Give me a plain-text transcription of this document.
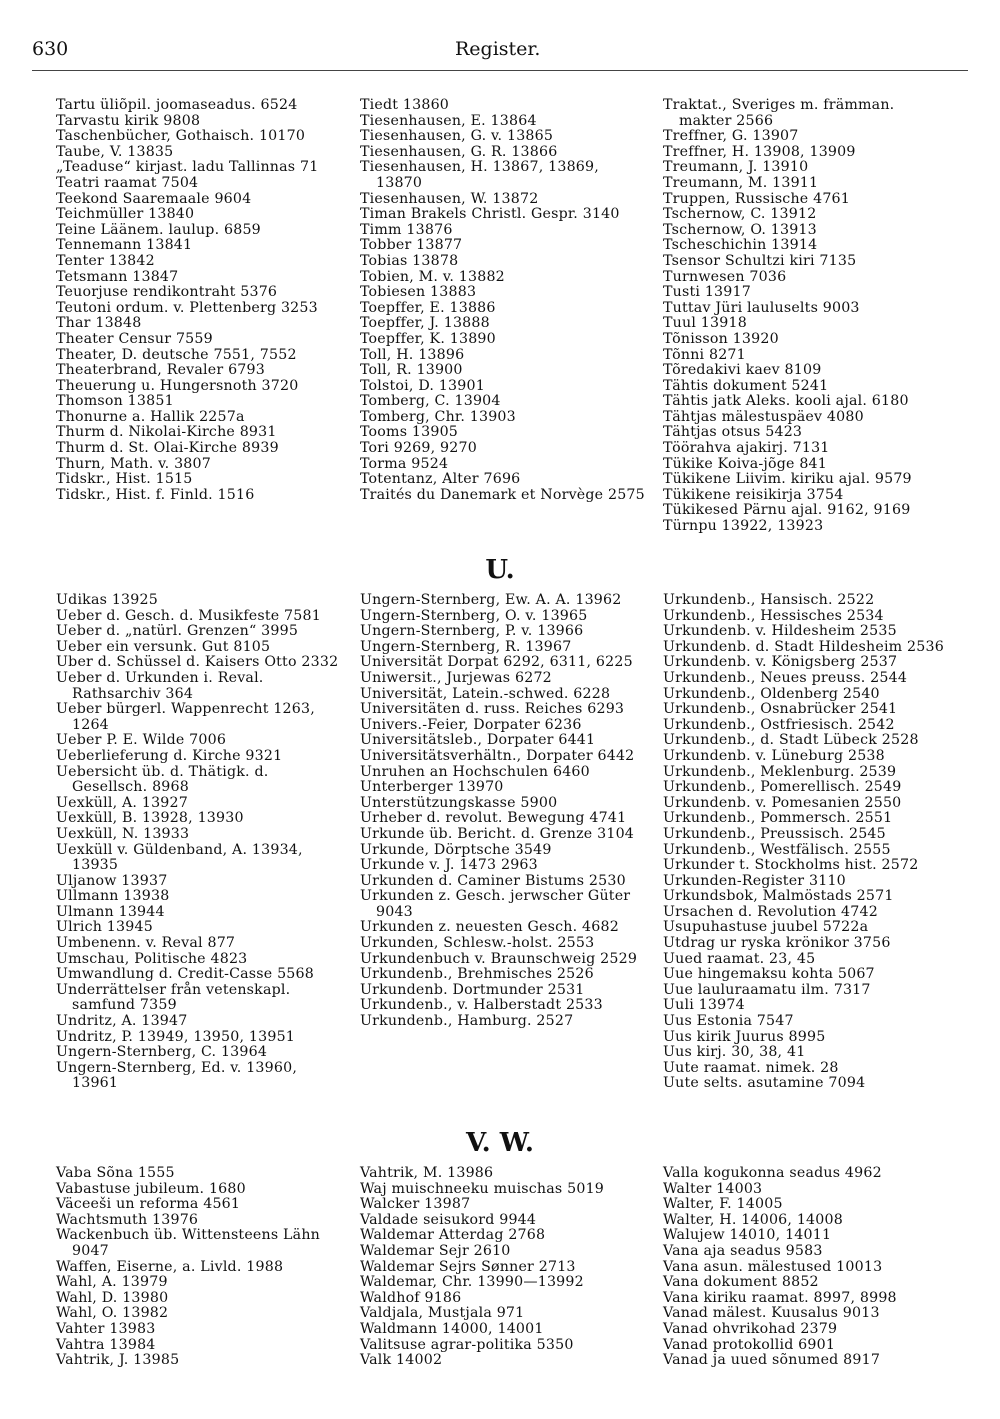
630	Register.

Tartu üliõpil. joomaseadus. 6524

Tarvastu kirik 9808

Taschenbücher, Gothaisch. 10170

Taube, V. 13835

„Teaduse“ kirjast. ladu Tallinnas 71

Teatri raamat 7504

Teekond Saaremaale 9604

Teichmüller 13840

Teine Läänem. laulup. 6859

Tennemann 13841

Tenter 13842

Tetsmann 13847

Teuorjuse rendikontraht 5376

Teutoni ordum. v. Plettenberg 3253

Thar 13848

Theater Censur 7559

Theater, D. deutsche 7551, 7552

Theaterbrand, Revaler 6793

Theuerung u. Hungersnoth 3720

Thomson 13851

Thonurne a. Hallik 2257a

Thurm d. Nikolai-Kirche 8931

Thurm d. St. Olai-Kirche 8939

Thurn, Math. v. 3807

Tidskr., Hist. 1515

Tidskr., Hist. f. Finld. 1516

Tiedt 13860

Tiesenhausen, E. 13864

Tiesenhausen, G. v. 13865

Tiesenhausen, G. R. 13866

Tiesenhausen, H. 13867, 13869, 13870

Tiesenhausen, W. 13872

Timan Brakels Christl. Gespr. 3140

Timm 13876

Tobber 13877

Tobias 13878

Tobien, M. v. 13882

Tobiesen 13883

Toepffer, E. 13886

Toepffer, J. 13888

Toepffer, K. 13890

Toll, H. 13896

Toll, R. 13900

Tolstoi, D. 13901

Tomberg, C. 13904

Tomberg, Chr. 13903

Tooms 13905

Tori 9269, 9270

Torma 9524

Totentanz, Alter 7696

Traités du Danemark et Norvège 2575

Traktat., Sveriges m. främman. makter 2566

Treffner, G. 13907

Treffner, H. 13908, 13909

Treumann, J. 13910

Treumann, M. 13911

Truppen, Russische 4761

Tschernow, C. 13912

Tschernow, O. 13913

Tscheschichin 13914

Tsensor Schultzi kiri 7135

Turnwesen 7036

Tusti 13917

Tuttav Jüri lauluselts 9003

Tuul 13918

Tõnisson 13920

Tõnni 8271

Tõredakivi kaev 8109

Tähtis dokument 5241

Tähtis jatk Aleks. kooli ajal. 6180

Tähtjas mälestuspäev 4080

Tähtjas otsus 5423

Töörahva ajakirj. 7131

Tükike Koiva-jõge 841

Tükikene Liivim. kiriku ajal. 9579

Tükikene reisikirja 3754

Tükikesed Pärnu ajal. 9162, 9169

Türnpu 13922, 13923

U.

Udikas 13925

Ueber d. Gesch. d. Musikfeste 7581

Ueber d. „natürl. Grenzen“ 3995

Ueber ein versunk. Gut 8105

Uber d. Schüssel d. Kaisers Otto 2332

Ueber d. Urkunden i. Reval. Rathsarchiv 364

Ueber bürgerl. Wappenrecht 1263, 1264

Ueber P. E. Wilde 7006

Ueberlieferung d. Kirche 9321

Uebersicht üb. d. Thätigk. d. Gesellsch. 8968

Uexküll, A. 13927

Uexküll, B. 13928, 13930

Uexküll, N. 13933

Uexküll v. Güldenband, A. 13934, 13935

Uljanow 13937

Ullmann 13938

Ulmann 13944

Ulrich 13945

Umbenenn. v. Reval 877

Umschau, Politische 4823

Umwandlung d. Credit-Casse 5568

Underrättelser från vetenskapl. samfund 7359

Undritz, A. 13947

Undritz, P. 13949, 13950, 13951

Ungern-Sternberg, C. 13964

Ungern-Sternberg, Ed. v. 13960, 13961

Ungern-Sternberg, Ew. A. A. 13962

Ungern-Sternberg, O. v. 13965

Ungern-Sternberg, P. v. 13966

Ungern-Sternberg, R. 13967

Universität Dorpat 6292, 6311, 6225

Uniwersit., Jurjewas 6272

Universität, Latein.-schwed. 6228

Universitäten d. russ. Reiches 6293

Univers.-Feier, Dorpater 6236

Universitätsleb., Dorpater 6441

Universitätsverhältn., Dorpater 6442

Unruhen an Hochschulen 6460

Unterberger 13970

Unterstützungskasse 5900

Urheber d. revolut. Bewegung 4741

Urkunde üb. Bericht. d. Grenze 3104

Urkunde, Dörptsche 3549

Urkunde v. J. 1473 2963

Urkunden d. Caminer Bistums 2530

Urkunden z. Gesch. jerwscher Güter 9043

Urkunden z. neuesten Gesch. 4682

Urkunden, Schlesw.-holst. 2553

Urkundenbuch v. Braunschweig 2529

Urkundenb., Brehmisches 2526

Urkundenb. Dortmunder 2531

Urkundenb., v. Halberstadt 2533

Urkundenb., Hamburg. 2527

Urkundenb., Hansisch. 2522

Urkundenb., Hessisches 2534

Urkundenb. v. Hildesheim 2535

Urkundenb. d. Stadt Hildesheim 2536

Urkundenb. v. Königsberg 2537

Urkundenb., Neues preuss. 2544

Urkundenb., Oldenberg 2540

Urkundenb., Osnabrücker 2541

Urkundenb., Ostfriesisch. 2542

Urkundenb., d. Stadt Lübeck 2528

Urkundenb. v. Lüneburg 2538

Urkundenb., Meklenburg. 2539

Urkundenb., Pomerellisch. 2549

Urkundenb. v. Pomesanien 2550

Urkundenb., Pommersch. 2551

Urkundenb., Preussisch. 2545

Urkundenb., Westfälisch. 2555

Urkunder t. Stockholms hist. 2572

Urkunden-Register 3110

Urkundsbok, Malmöstads 2571

Ursachen d. Revolution 4742

Usupuhastuse juubel 5722a

Utdrag ur ryska krönikor 3756

Uued raamat. 23, 45

Uue hingemaksu kohta 5067

Uue lauluraamatu ilm. 7317

Uuli 13974

Uus Estonia 7547

Uus kirik Juurus 8995

Uus kirj. 30, 38, 41

Uute raamat. nimek. 28

Uute selts. asutamine 7094

V. W.

Vaba Sõna 1555

Vabastuse jubileum. 1680

Väceeši un reforma 4561

Wachtsmuth 13976

Wackenbuch üb. Wittensteens Lähn 9047

Waffen, Eiserne, a. Livld. 1988

Wahl, A. 13979

Wahl, D. 13980

Wahl, O. 13982

Vahter 13983

Vahtra 13984

Vahtrik, J. 13985

Vahtrik, M. 13986

Waj muischneeku muischas 5019

Walcker 13987

Valdade seisukord 9944

Waldemar Atterdag 2768

Waldemar Sejr 2610

Waldemar Sejrs Sønner 2713

Waldemar, Chr. 13990—13992

Waldhof 9186

Valdjala, Mustjala 971

Waldmann 14000, 14001

Valitsuse agrar-politika 5350

Valk 14002

Valla kogukonna seadus 4962

Walter 14003

Walter, F. 14005

Walter, H. 14006, 14008

Walujew 14010, 14011

Vana aja seadus 9583

Vana asun. mälestused 10013

Vana dokument 8852

Vana kiriku raamat. 8997, 8998

Vanad mälest. Kuusalus 9013

Vanad ohvrikohad 2379

Vanad protokollid 6901

Vanad ja uued sõnumed 8917
